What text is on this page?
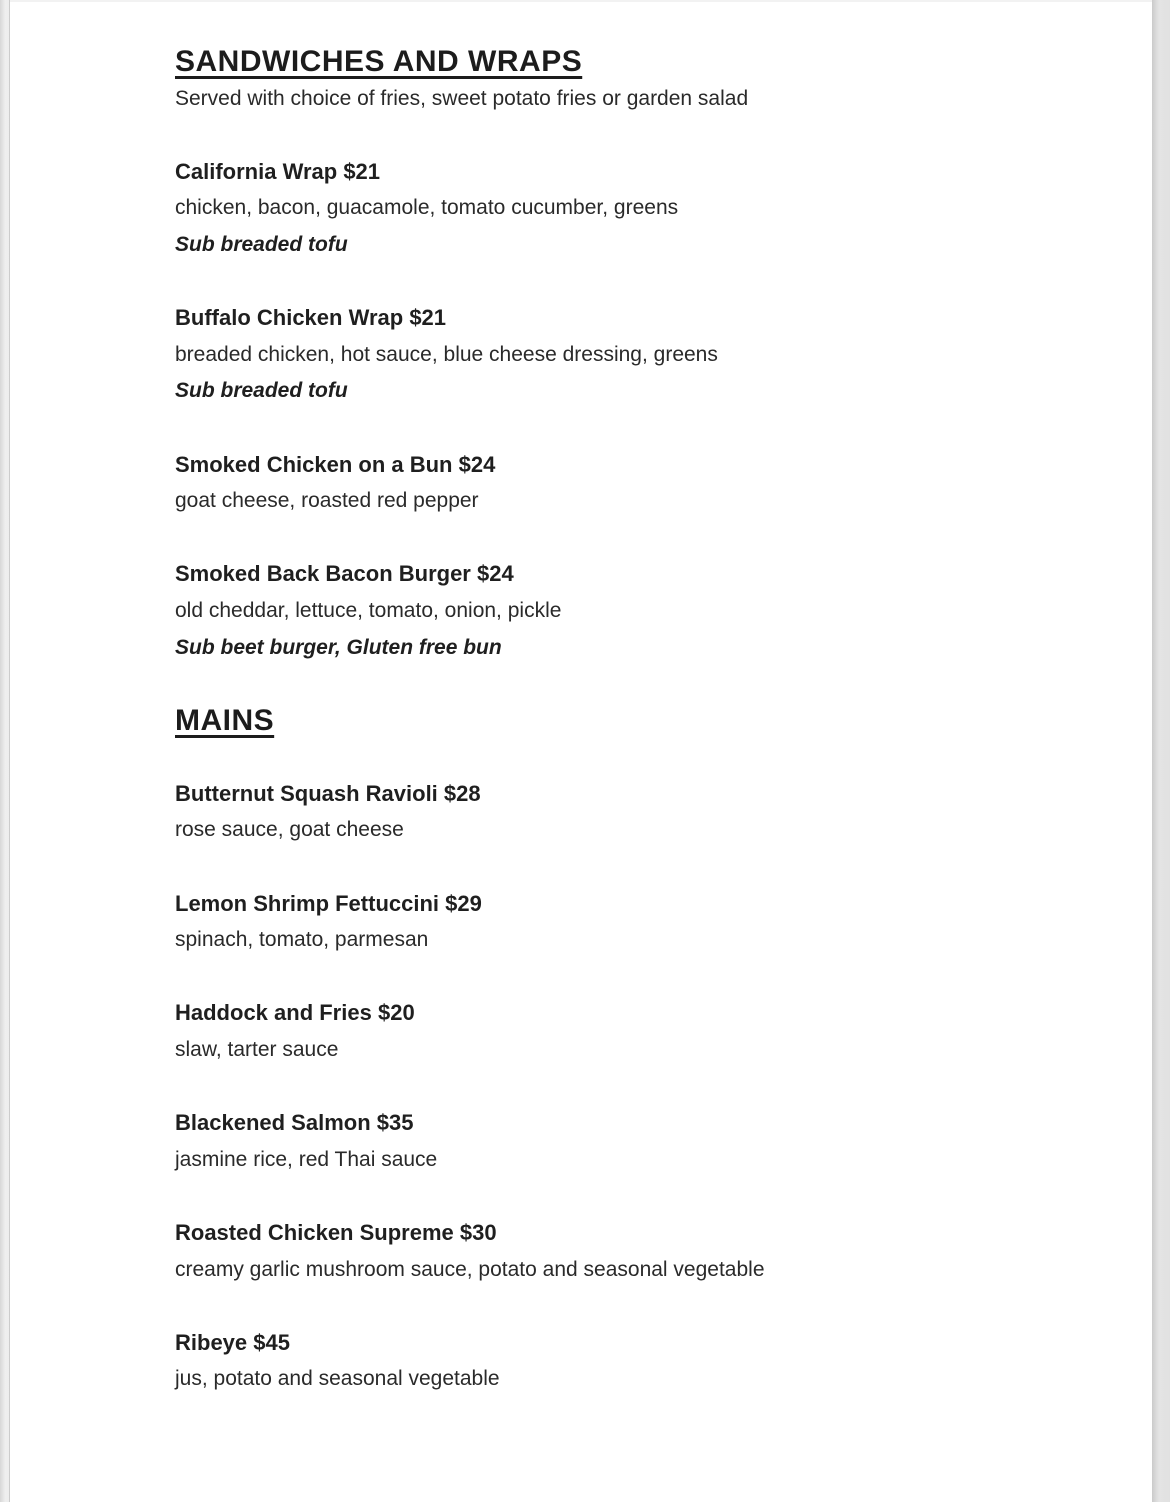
SANDWICHES AND WRAPS

Served with choice of fries, sweet potato fries or garden salad

California Wrap $21

chicken, bacon, guacamole, tomato cucumber, greens

Sub breaded tofu

Buffalo Chicken Wrap $21

breaded chicken, hot sauce, blue cheese dressing, greens

Sub breaded tofu

Smoked Chicken on a Bun $24

goat cheese, roasted red pepper

Smoked Back Bacon Burger $24

old cheddar, lettuce, tomato, onion, pickle

Sub beet burger, Gluten free bun

MAINS

Butternut Squash Ravioli $28

rose sauce, goat cheese

Lemon Shrimp Fettuccini $29

spinach, tomato, parmesan

Haddock and Fries $20

slaw, tarter sauce

Blackened Salmon $35

jasmine rice, red Thai sauce

Roasted Chicken Supreme $30

creamy garlic mushroom sauce, potato and seasonal vegetable

Ribeye $45

jus, potato and seasonal vegetable
